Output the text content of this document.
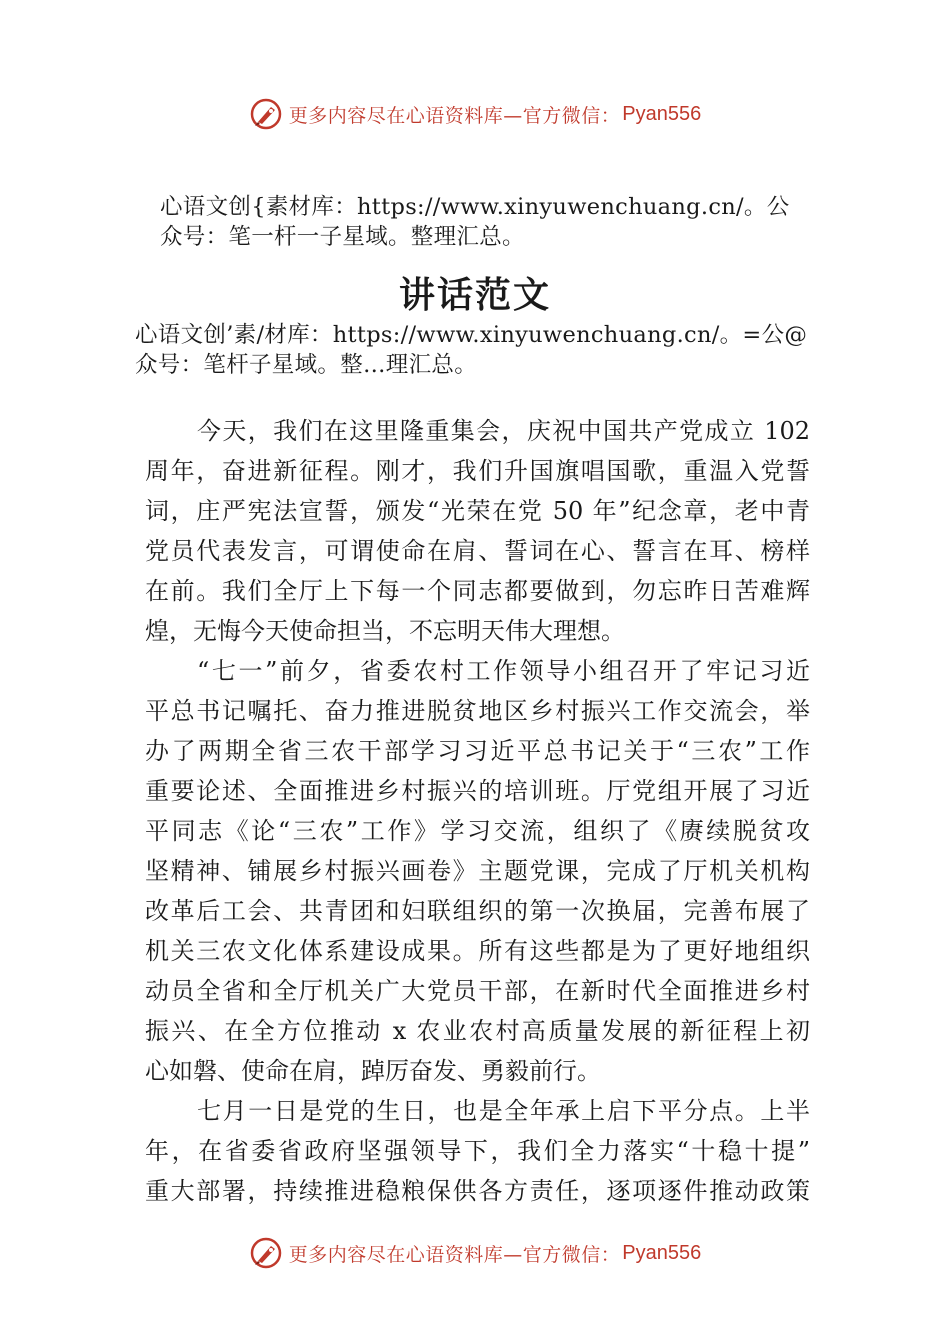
更多内容尽在心语资料库—官方微信： Pyan556
心语文创{素材库：https://www.xinyuwenchuang.cn/。公
众号：笔一杆一子星域。整理汇总。
讲话范文
心语文创’素/材库：https://www.xinyuwenchuang.cn/。=公@
众号：笔杆子星域。整…理汇总。
今天，我们在这里隆重集会，庆祝中国共产党成立 102
周年，奋进新征程。刚才，我们升国旗唱国歌，重温入党誓
词，庄严宪法宣誓，颁发“光荣在党 50 年”纪念章，老中青
党员代表发言，可谓使命在肩、誓词在心、誓言在耳、榜样
在前。我们全厅上下每一个同志都要做到，勿忘昨日苦难辉
煌，无悔今天使命担当，不忘明天伟大理想。
“七一”前夕，省委农村工作领导小组召开了牢记习近
平总书记嘱托、奋力推进脱贫地区乡村振兴工作交流会，举
办了两期全省三农干部学习习近平总书记关于“三农”工作
重要论述、全面推进乡村振兴的培训班。厅党组开展了习近
平同志《论“三农”工作》学习交流，组织了《赓续脱贫攻
坚精神、铺展乡村振兴画卷》主题党课，完成了厅机关机构
改革后工会、共青团和妇联组织的第一次换届，完善布展了
机关三农文化体系建设成果。所有这些都是为了更好地组织
动员全省和全厅机关广大党员干部，在新时代全面推进乡村
振兴、在全方位推动 x 农业农村高质量发展的新征程上初
心如磐、使命在肩，踔厉奋发、勇毅前行。
七月一日是党的生日，也是全年承上启下平分点。上半
年，在省委省政府坚强领导下，我们全力落实“十稳十提”
重大部署，持续推进稳粮保供各方责任，逐项逐件推动政策
更多内容尽在心语资料库—官方微信： Pyan556
